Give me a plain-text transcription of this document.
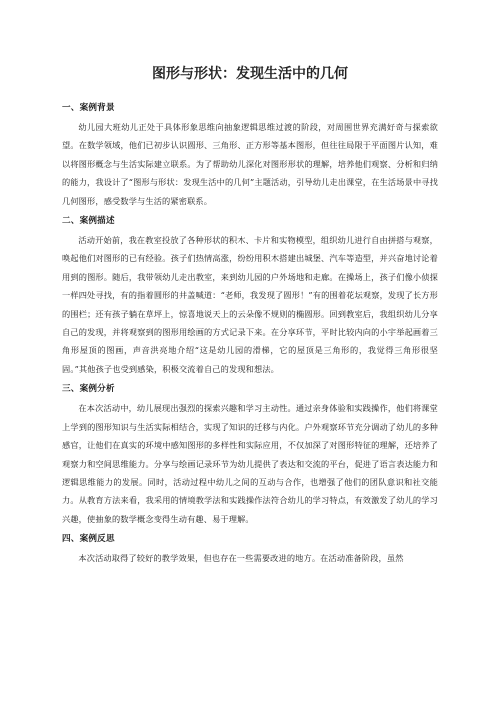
图形与形状：发现生活中的几何
一、案例背景

幼儿园大班幼儿正处于具体形象思维向抽象逻辑思维过渡的阶段，对周围世界充满好奇与探索欲望。在数学领域，他们已初步认识圆形、三角形、正方形等基本图形，但往往局限于平面图片认知，难以将图形概念与生活实际建立联系。为了帮助幼儿深化对图形形状的理解，培养他们观察、分析和归纳的能力，我设计了“图形与形状：发现生活中的几何”主题活动，引导幼儿走出课堂，在生活场景中寻找几何图形，感受数学与生活的紧密联系。

二、案例描述

活动开始前，我在教室投放了各种形状的积木、卡片和实物模型，组织幼儿进行自由拼搭与观察，唤起他们对图形的已有经验。孩子们热情高涨，纷纷用积木搭建出城堡、汽车等造型，并兴奋地讨论着用到的图形。随后，我带领幼儿走出教室，来到幼儿园的户外场地和走廊。在操场上，孩子们像小侦探一样四处寻找，有的指着圆形的井盖喊道：“老师，我发现了圆形！”有的围着花坛观察，发现了长方形的围栏；还有孩子躺在草坪上，惊喜地说天上的云朵像不规则的椭圆形。回到教室后，我组织幼儿分享自己的发现，并将观察到的图形用绘画的方式记录下来。在分享环节，平时比较内向的小宇举起画着三角形屋顶的图画，声音洪亮地介绍“这是幼儿园的滑梯，它的屋顶是三角形的，我觉得三角形很坚固。”其他孩子也受到感染，积极交流着自己的发现和想法。

三、案例分析

在本次活动中，幼儿展现出强烈的探索兴趣和学习主动性。通过亲身体验和实践操作，他们将课堂上学到的图形知识与生活实际相结合，实现了知识的迁移与内化。户外观察环节充分调动了幼儿的多种感官，让他们在真实的环境中感知图形的多样性和实际应用，不仅加深了对图形特征的理解，还培养了观察力和空间思维能力。分享与绘画记录环节为幼儿提供了表达和交流的平台，促进了语言表达能力和逻辑思维能力的发展。同时，活动过程中幼儿之间的互动与合作，也增强了他们的团队意识和社交能力。从教育方法来看，我采用的情境教学法和实践操作法符合幼儿的学习特点，有效激发了幼儿的学习兴趣，使抽象的数学概念变得生动有趣、易于理解。

四、案例反思

本次活动取得了较好的教学效果，但也存在一些需要改进的地方。在活动准备阶段，虽然
